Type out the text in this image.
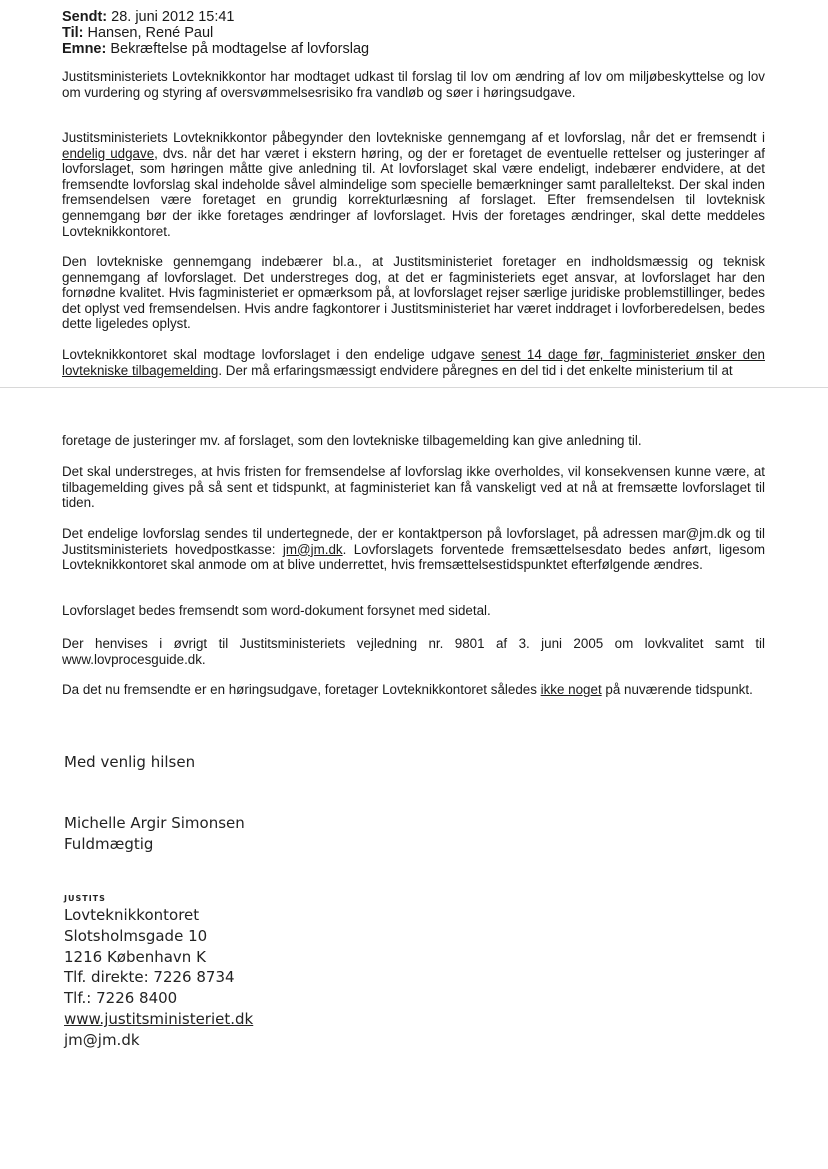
Sendt: 28. juni 2012 15:41
Til: Hansen, René Paul
Emne: Bekræftelse på modtagelse af lovforslag

Justitsministeriets Lovteknikkontor har modtaget udkast til forslag til lov om ændring af lov om miljøbeskyttelse og lov om vurdering og styring af oversvømmelsesrisiko fra vandløb og søer i høringsudgave.

Justitsministeriets Lovteknikkontor påbegynder den lovtekniske gennemgang af et lovforslag, når det er fremsendt i endelig udgave, dvs. når det har været i ekstern høring, og der er foretaget de eventuelle rettelser og justeringer af lovforslaget, som høringen måtte give anledning til. At lovforslaget skal være endeligt, indebærer endvidere, at det fremsendte lovforslag skal indeholde såvel almindelige som specielle bemærkninger samt paralleltekst. Der skal inden fremsendelsen være foretaget en grundig korrekturlæsning af forslaget. Efter fremsendelsen til lovteknisk gennemgang bør der ikke foretages ændringer af lovforslaget. Hvis der foretages ændringer, skal dette meddeles Lovteknikkontoret.

Den lovtekniske gennemgang indebærer bl.a., at Justitsministeriet foretager en indholdsmæssig og teknisk gennemgang af lovforslaget. Det understreges dog, at det er fagministeriets eget ansvar, at lovforslaget har den fornødne kvalitet. Hvis fagministeriet er opmærksom på, at lovforslaget rejser særlige juridiske problemstillinger, bedes det oplyst ved fremsendelsen. Hvis andre fagkontorer i Justitsministeriet har været inddraget i lovforberedelsen, bedes dette ligeledes oplyst.

Lovteknikkontoret skal modtage lovforslaget i den endelige udgave senest 14 dage før, fagministeriet ønsker den lovtekniske tilbagemelding. Der må erfaringsmæssigt endvidere påregnes en del tid i det enkelte ministerium til at

foretage de justeringer mv. af forslaget, som den lovtekniske tilbagemelding kan give anledning til.

Det skal understreges, at hvis fristen for fremsendelse af lovforslag ikke overholdes, vil konsekvensen kunne være, at tilbagemelding gives på så sent et tidspunkt, at fagministeriet kan få vanskeligt ved at nå at fremsætte lovforslaget til tiden.

Det endelige lovforslag sendes til undertegnede, der er kontaktperson på lovforslaget, på adressen mar@jm.dk og til Justitsministeriets hovedpostkasse: jm@jm.dk. Lovforslagets forventede fremsættelsesdato bedes anført, ligesom Lovteknikkontoret skal anmode om at blive underrettet, hvis fremsættelsestidspunktet efterfølgende ændres.

Lovforslaget bedes fremsendt som word-dokument forsynet med sidetal.

Der henvises i øvrigt til Justitsministeriets vejledning nr. 9801 af 3. juni 2005 om lovkvalitet samt til www.lovprocesguide.dk.

Da det nu fremsendte er en høringsudgave, foretager Lovteknikkontoret således ikke noget på nuværende tidspunkt.

Med venlig hilsen
Michelle Argir Simonsen
Fuldmægtig
JUSTITS
Lovteknikkontoret
Slotsholmsgade 10
1216 København K
Tlf. direkte: 7226 8734
Tlf.: 7226 8400
www.justitsministeriet.dk
jm@jm.dk
